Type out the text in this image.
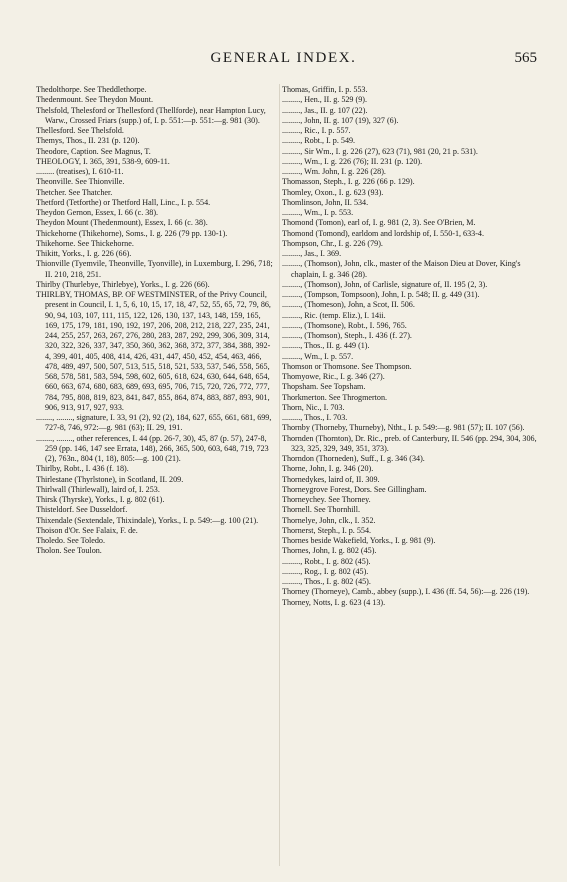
GENERAL INDEX.	565

Thedolthorpe. See Theddlethorpe.

Thedenmount. See Theydon Mount.

Thelsfold, Thelesford or Thellesford (Thellforde), near Hampton Lucy, Warw., Crossed Friars (supp.) of, I. p. 551:—p. 551:—g. 981 (30).

Thellesford. See Thelsfold.

Themys, Thos., II. 231 (p. 120).

Theodore, Caption. See Magnus, T.

THEOLOGY, I. 365, 391, 538-9, 609-11.

......... (treatises), I. 610-11.

Theonville. See Thionville.

Thetcher. See Thatcher.

Thetford (Tetforthe) or Thetford Hall, Linc., I. p. 554.

Theydon Gernon, Essex, I. 66 (c. 38).

Theydon Mount (Thedenmount), Essex, I. 66 (c. 38).

Thickehorne (Thikehorne), Soms., I. g. 226 (79 pp. 130-1).

Thikehorne. See Thickehorne.

Thikitt, Yorks., I. g. 226 (66).

Thionville (Tyemvile, Theonville, Tyonville), in Luxemburg, I. 296, 718; II. 210, 218, 251.

Thirlby (Thurlebye, Thirlebye), Yorks., I. g. 226 (66).

THIRLBY, THOMAS, BP. OF WESTMINSTER, of the Privy Council, present in Council, I. 1, 5, 6, 10, 15, 17, 18, 47, 52, 55, 65, 72, 79, 86, 90, 94, 103, 107, 111, 115, 122, 126, 130, 137, 143, 148, 159, 165, 169, 175, 179, 181, 190, 192, 197, 206, 208, 212, 218, 227, 235, 241, 244, 255, 257, 263, 267, 276, 280, 283, 287, 292, 299, 306, 309, 314, 320, 322, 326, 337, 347, 350, 360, 362, 368, 372, 377, 384, 388, 392-4, 399, 401, 405, 408, 414, 426, 431, 447, 450, 452, 454, 463, 466, 478, 489, 497, 500, 507, 513, 515, 518, 521, 533, 537, 546, 558, 565, 568, 578, 581, 583, 594, 598, 602, 605, 618, 624, 630, 644, 648, 654, 660, 663, 674, 680, 683, 689, 693, 695, 706, 715, 720, 726, 772, 777, 784, 795, 808, 819, 823, 841, 847, 855, 864, 874, 883, 887, 893, 901, 906, 913, 917, 927, 933.

........, ........, signature, I. 33, 91 (2), 92 (2), 184, 627, 655, 661, 681, 699, 727-8, 746, 972:—g. 981 (63); II. 29, 191.

........, ........, other references, I. 44 (pp. 26-7, 30), 45, 87 (p. 57), 247-8, 259 (pp. 146, 147 see Errata, 148), 266, 365, 500, 603, 648, 719, 723 (2), 763n., 804 (1, 18), 805:—g. 100 (21).

Thirlby, Robt., I. 436 (f. 18).

Thirlestane (Thyrlstone), in Scotland, II. 209.

Thirlwall (Thirlewall), laird of, I. 253.

Thirsk (Thyrske), Yorks., I. g. 802 (61).

Thisteldorf. See Dusseldorf.

Thixendale (Sextendale, Thixindale), Yorks., I. p. 549:—g. 100 (21).

Thoison d'Or. See Falaix, F. de.

Tholedo. See Toledo.

Tholon. See Toulon.

Thomas, Griffin, I. p. 553.

........., Hen., II. g. 529 (9).

........., Jas., II. g. 107 (22).

........., John, II. g. 107 (19), 327 (6).

........., Ric., I. p. 557.

........., Robt., I. p. 549.

........., Sir Wm., I. g. 226 (27), 623 (71), 981 (20, 21 p. 531).

........., Wm., I. g. 226 (76); II. 231 (p. 120).

........., Wm. John, I. g. 226 (28).

Thomasson, Steph., I. g. 226 (66 p. 129).

Thomley, Oxon., I. g. 623 (93).

Thomlinson, John, II. 534.

........., Wm., I. p. 553.

Thomond (Tomon), earl of, I. g. 981 (2, 3). See O'Brien, M.

Thomond (Tomond), earldom and lordship of, I. 550-1, 633-4.

Thompson, Chr., I. g. 226 (79).

........., Jas., I. 369.

........., (Thomson), John, clk., master of the Maison Dieu at Dover, King's chaplain, I. g. 346 (28).

........., (Thomson), John, of Carlisle, signature of, II. 195 (2, 3).

........., (Tompson, Tompsoon), John, I. p. 548; II. g. 449 (31).

........., (Thomeson), John, a Scot, II. 506.

........., Ric. (temp. Eliz.), I. 14ii.

........., (Thomsone), Robt., I. 596, 765.

........., (Thomson), Steph., I. 436 (f. 27).

........., Thos., II. g. 449 (1).

........., Wm., I. p. 557.

Thomson or Thomsone. See Thompson.

Thomyowe, Ric., I. g. 346 (27).

Thopsham. See Topsham.

Thorkmerton. See Throgmerton.

Thorn, Nic., I. 703.

........., Thos., I. 703.

Thornby (Thorneby, Thurneby), Ntht., I. p. 549:—g. 981 (57); II. 107 (56).

Thornden (Thornton), Dr. Ric., preb. of Canterbury, II. 546 (pp. 294, 304, 306, 323, 325, 329, 349, 351, 373).

Thorndon (Thorneden), Suff., I. g. 346 (34).

Thorne, John, I. g. 346 (20).

Thornedykes, laird of, II. 309.

Thorneygrove Forest, Dors. See Gillingham.

Thorneychey. See Thorney.

Thornell. See Thornhill.

Thornelye, John, clk., I. 352.

Thornerst, Steph., I. p. 554.

Thornes beside Wakefield, Yorks., I. g. 981 (9).

Thornes, John, I. g. 802 (45).

........., Robt., I. g. 802 (45).

........., Rog., I. g. 802 (45).

........., Thos., I. g. 802 (45).

Thorney (Thorneye), Camb., abbey (supp.), I. 436 (ff. 54, 56):—g. 226 (19).

Thorney, Notts, I. g. 623 (4 13).
